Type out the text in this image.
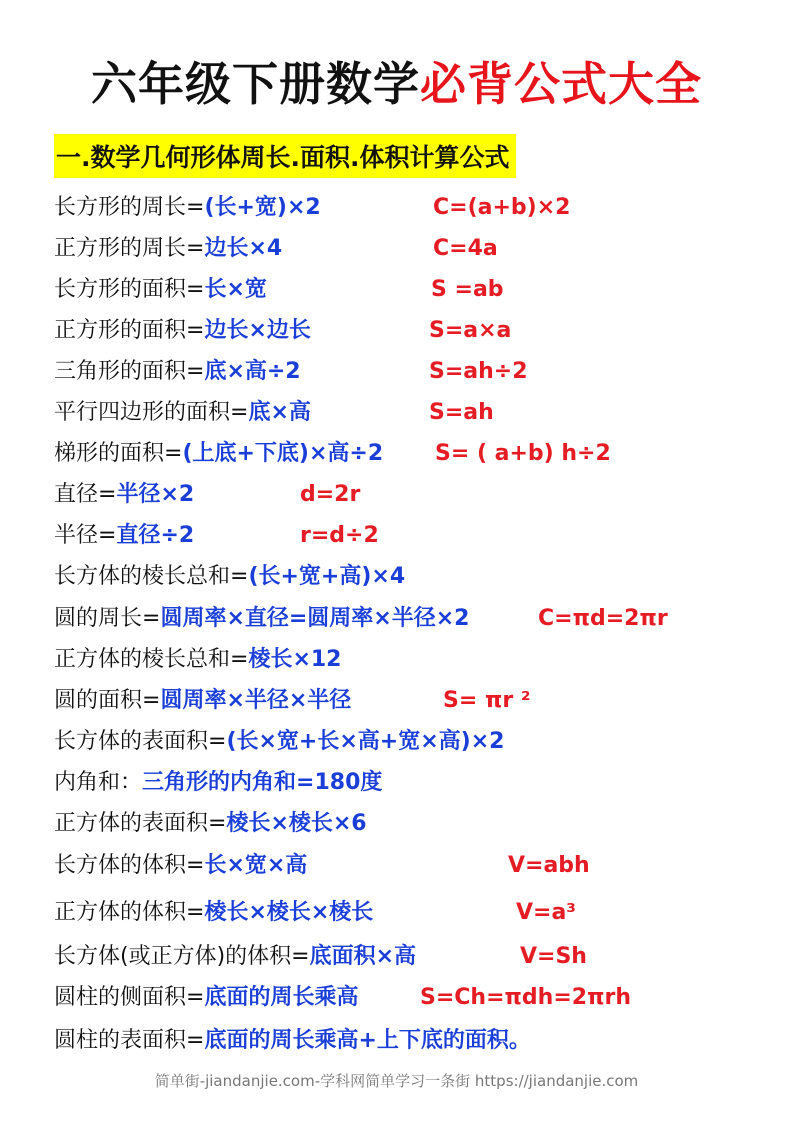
六年级下册数学必背公式大全
一.数学几何形体周长.面积.体积计算公式
长方形的周长=(长+宽)×2	C=(a+b)×2
正方形的周长=边长×4	C=4a
长方形的面积=长×宽	S =ab
正方形的面积=边长×边长	S=a×a
三角形的面积=底×高÷2	S=ah÷2
平行四边形的面积=底×高	S=ah
梯形的面积=(上底+下底)×高÷2 S= ( a+b) h÷2
直径=半径×2	d=2r
半径=直径÷2	r=d÷2
长方体的棱长总和=(长+宽+高)×4
圆的周长=圆周率×直径=圆周率×半径×2	C=πd=2πr
正方体的棱长总和=棱长×12
圆的面积=圆周率×半径×半径	S= πr ²
长方体的表面积=(长×宽+长×高+宽×高)×2
内角和：三角形的内角和=180度
正方体的表面积=棱长×棱长×6
长方体的体积=长×宽×高	V=abh
正方体的体积=棱长×棱长×棱长	V=a³
长方体(或正方体)的体积=底面积×高	V=Sh
圆柱的侧面积=底面的周长乘高	S=Ch=πdh=2πrh
圆柱的表面积=底面的周长乘高+上下底的面积。
简单街-jiandanjie.com-学科网简单学习一条街 https://jiandanjie.com
